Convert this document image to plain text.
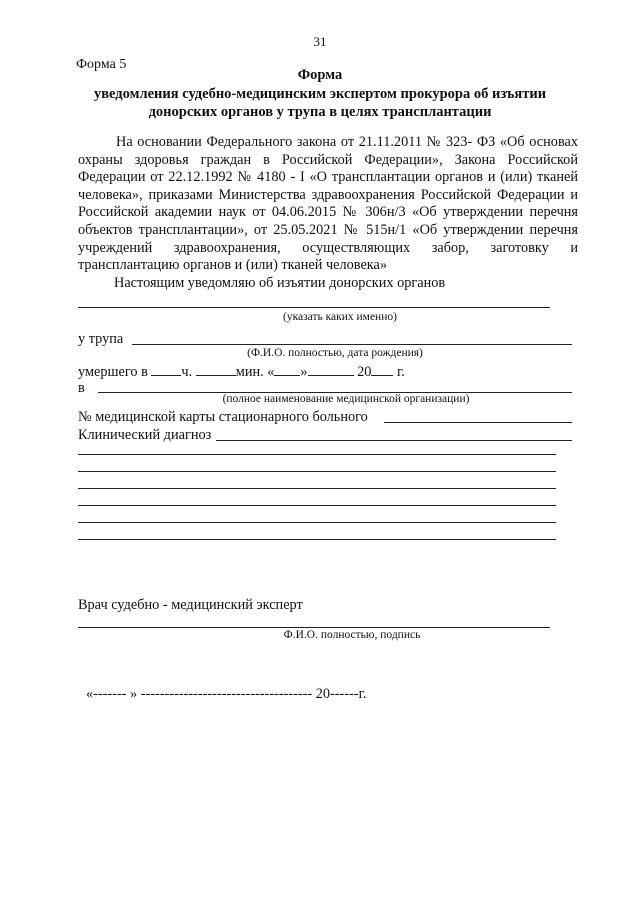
31
Форма 5
Форма
уведомления судебно-медицинским экспертом прокурора об изъятии
донорских органов у трупа в целях трансплантации
На основании Федерального закона от 21.11.2011 № 323- ФЗ «Об основах охраны здоровья граждан в Российской Федерации», Закона Российской Федерации от 22.12.1992 № 4180 - I «О трансплантации органов и (или) тканей человека», приказами Министерства здравоохранения Российской Федерации и Российской академии наук от 04.06.2015 № 306н/3 «Об утверждении перечня объектов трансплантации», от 25.05.2021 № 515н/1 «Об утверждении перечня учреждений здравоохранения, осуществляющих забор, заготовку и трансплантацию органов и (или) тканей человека»
Настоящим уведомляю об изъятии донорских органов
(указать каких именно)
у трупа
(Ф.И.О. полностью, дата рождения)
умершего в ч.	мин. « »	20 г.
в
(полное наименование медицинской организации)
№ медицинской карты стационарного больного
Клинический диагноз
Врач судебно - медицинский эксперт
Ф.И.О. полностью, подпись
«------- » ------------------------------------ 20------г.
